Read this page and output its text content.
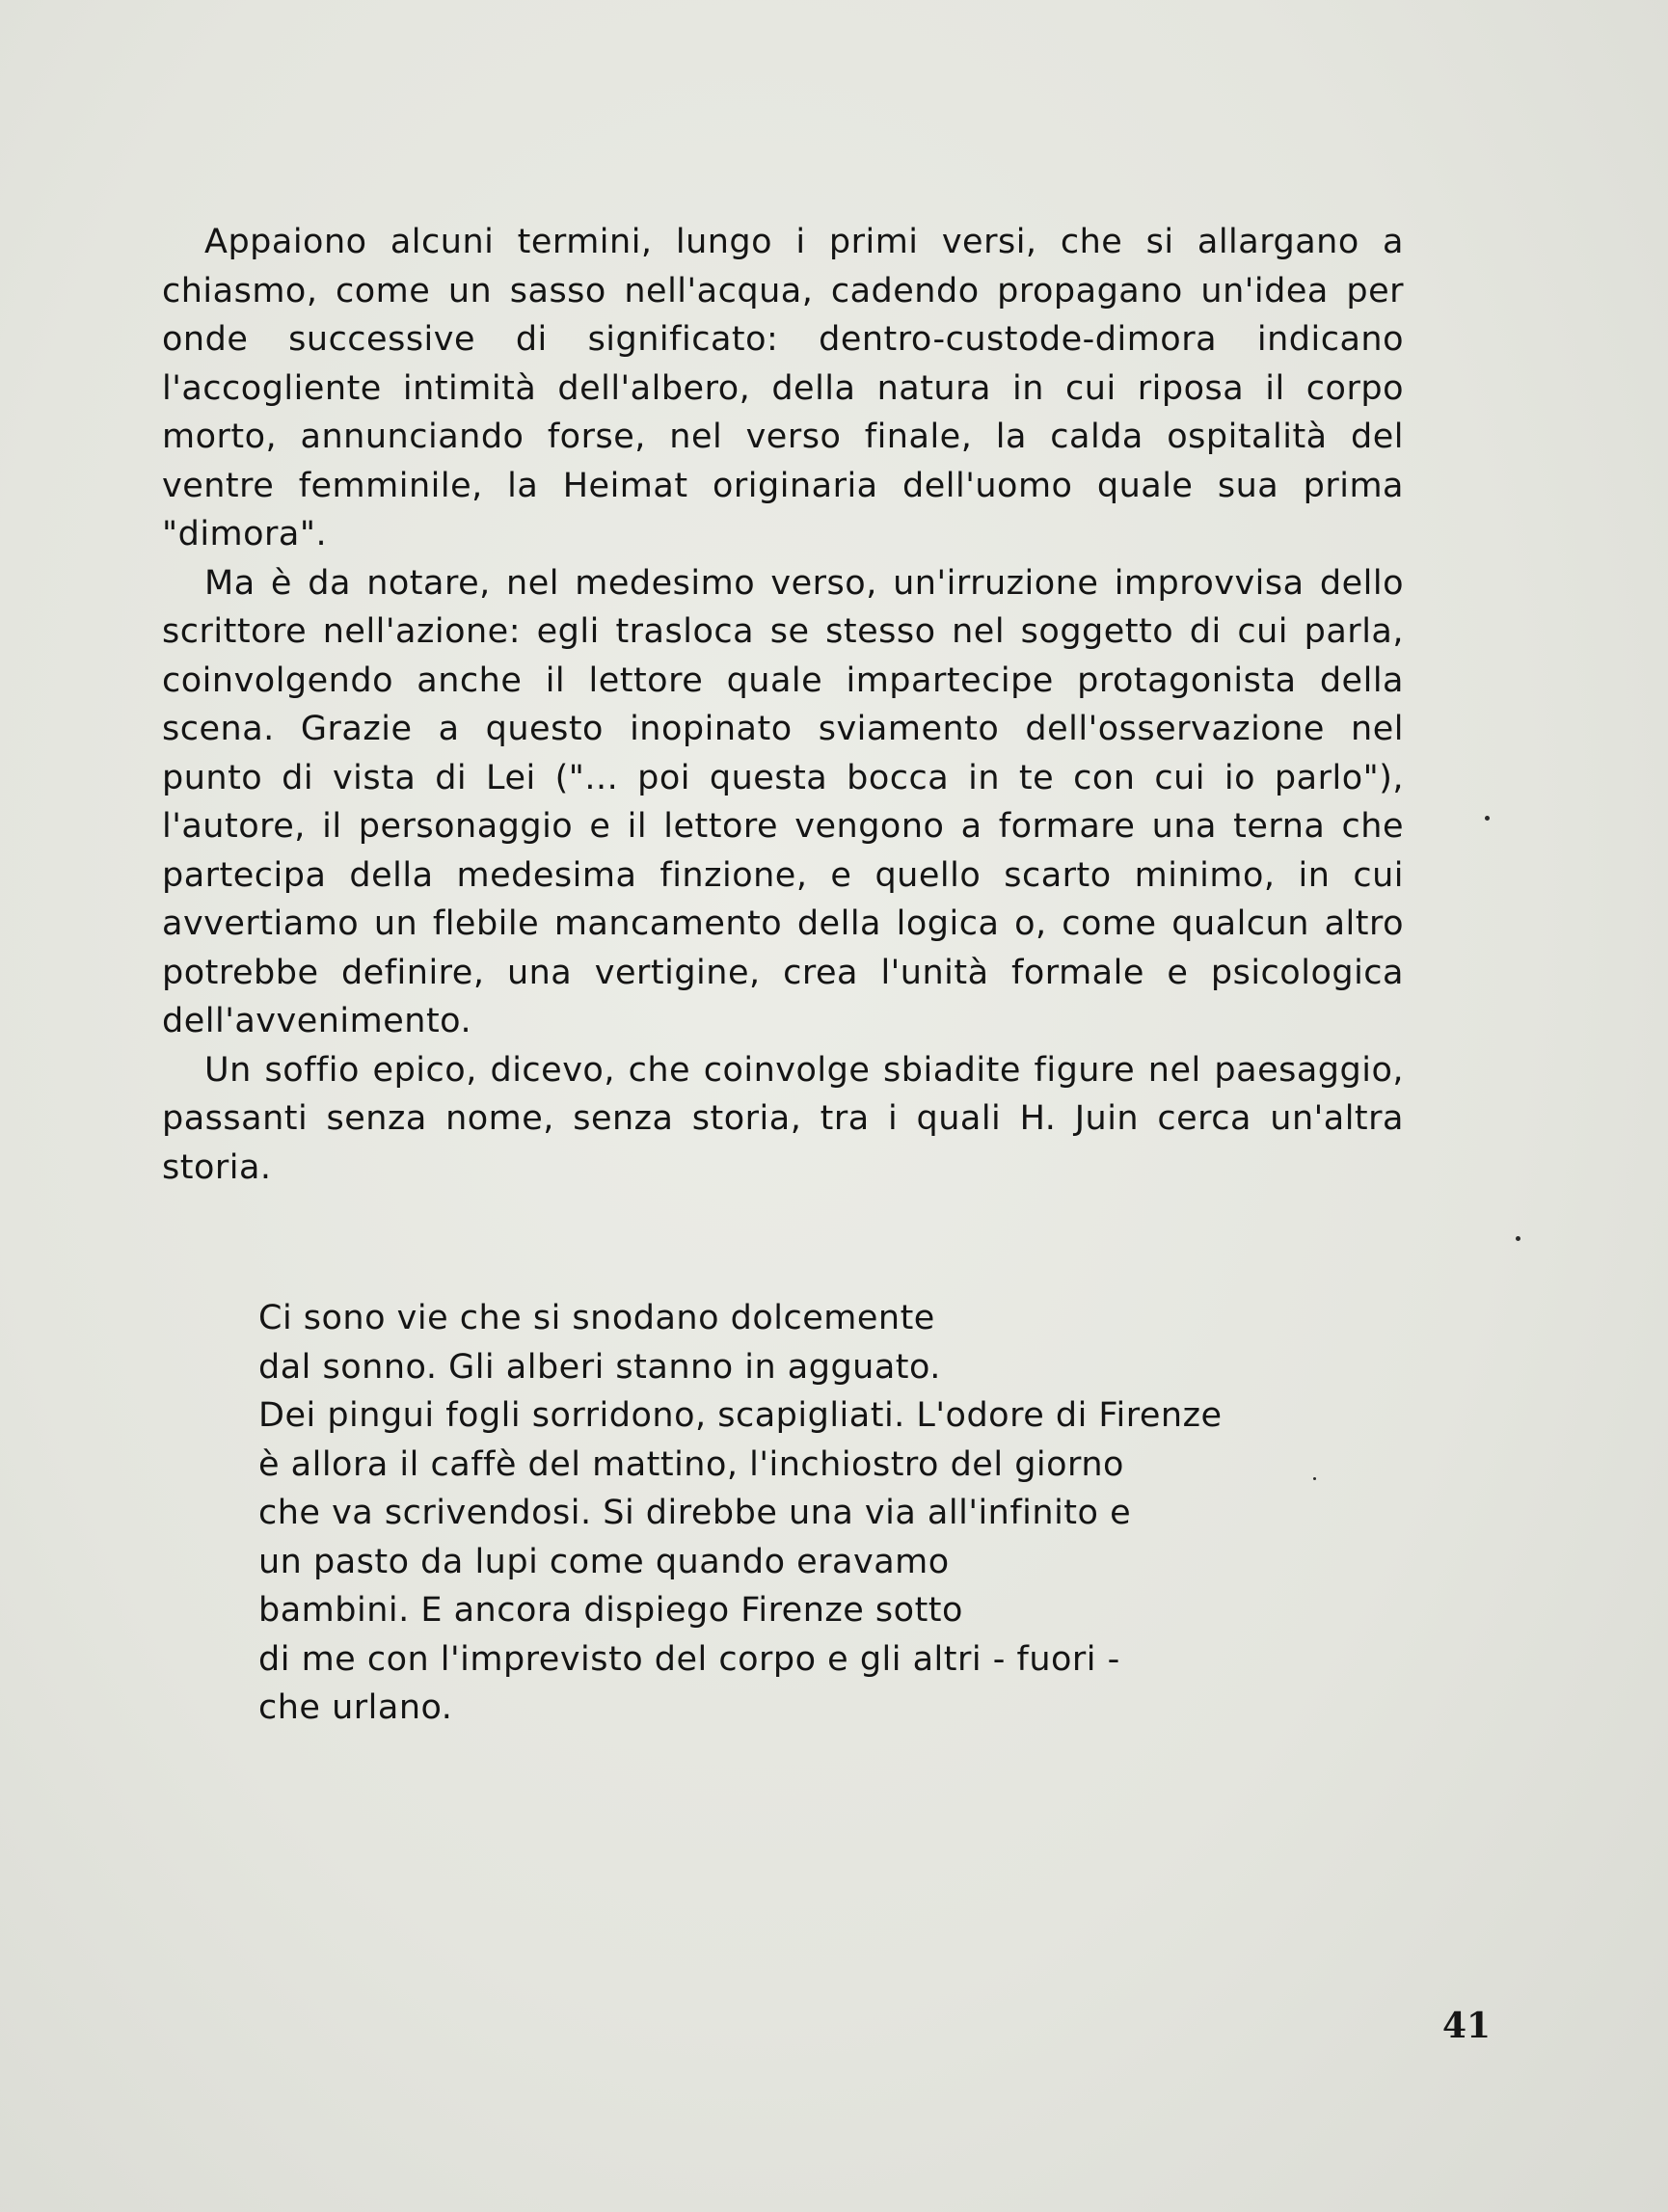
Appaiono alcuni termini, lungo i primi versi, che si allargano a chiasmo, come un sasso nell'acqua, cadendo propagano un'idea per onde successive di significato: dentro-custode-dimora indicano l'accogliente intimità dell'albero, della natura in cui riposa il corpo morto, annunciando forse, nel verso finale, la calda ospitalità del ventre femminile, la Heimat originaria dell'uomo quale sua prima "dimora".

Ma è da notare, nel medesimo verso, un'irruzione improvvisa dello scrittore nell'azione: egli trasloca se stesso nel soggetto di cui parla, coinvolgendo anche il lettore quale impartecipe protagonista della scena. Grazie a questo inopinato sviamento dell'osservazione nel punto di vista di Lei ("... poi questa bocca in te con cui io parlo"), l'autore, il personaggio e il lettore vengono a formare una terna che partecipa della medesima finzione, e quello scarto minimo, in cui avvertiamo un flebile mancamento della logica o, come qualcun altro potrebbe definire, una vertigine, crea l'unità formale e psicologica dell'avvenimento.

Un soffio epico, dicevo, che coinvolge sbiadite figure nel paesaggio, passanti senza nome, senza storia, tra i quali H. Juin cerca un'altra storia.

Ci sono vie che si snodano dolcemente
dal sonno. Gli alberi stanno in agguato.
Dei pingui fogli sorridono, scapigliati. L'odore di Firenze
è allora il caffè del mattino, l'inchiostro del giorno
che va scrivendosi. Si direbbe una via all'infinito e
un pasto da lupi come quando eravamo
bambini. E ancora dispiego Firenze sotto
di me con l'imprevisto del corpo e gli altri - fuori -
che urlano.
41
